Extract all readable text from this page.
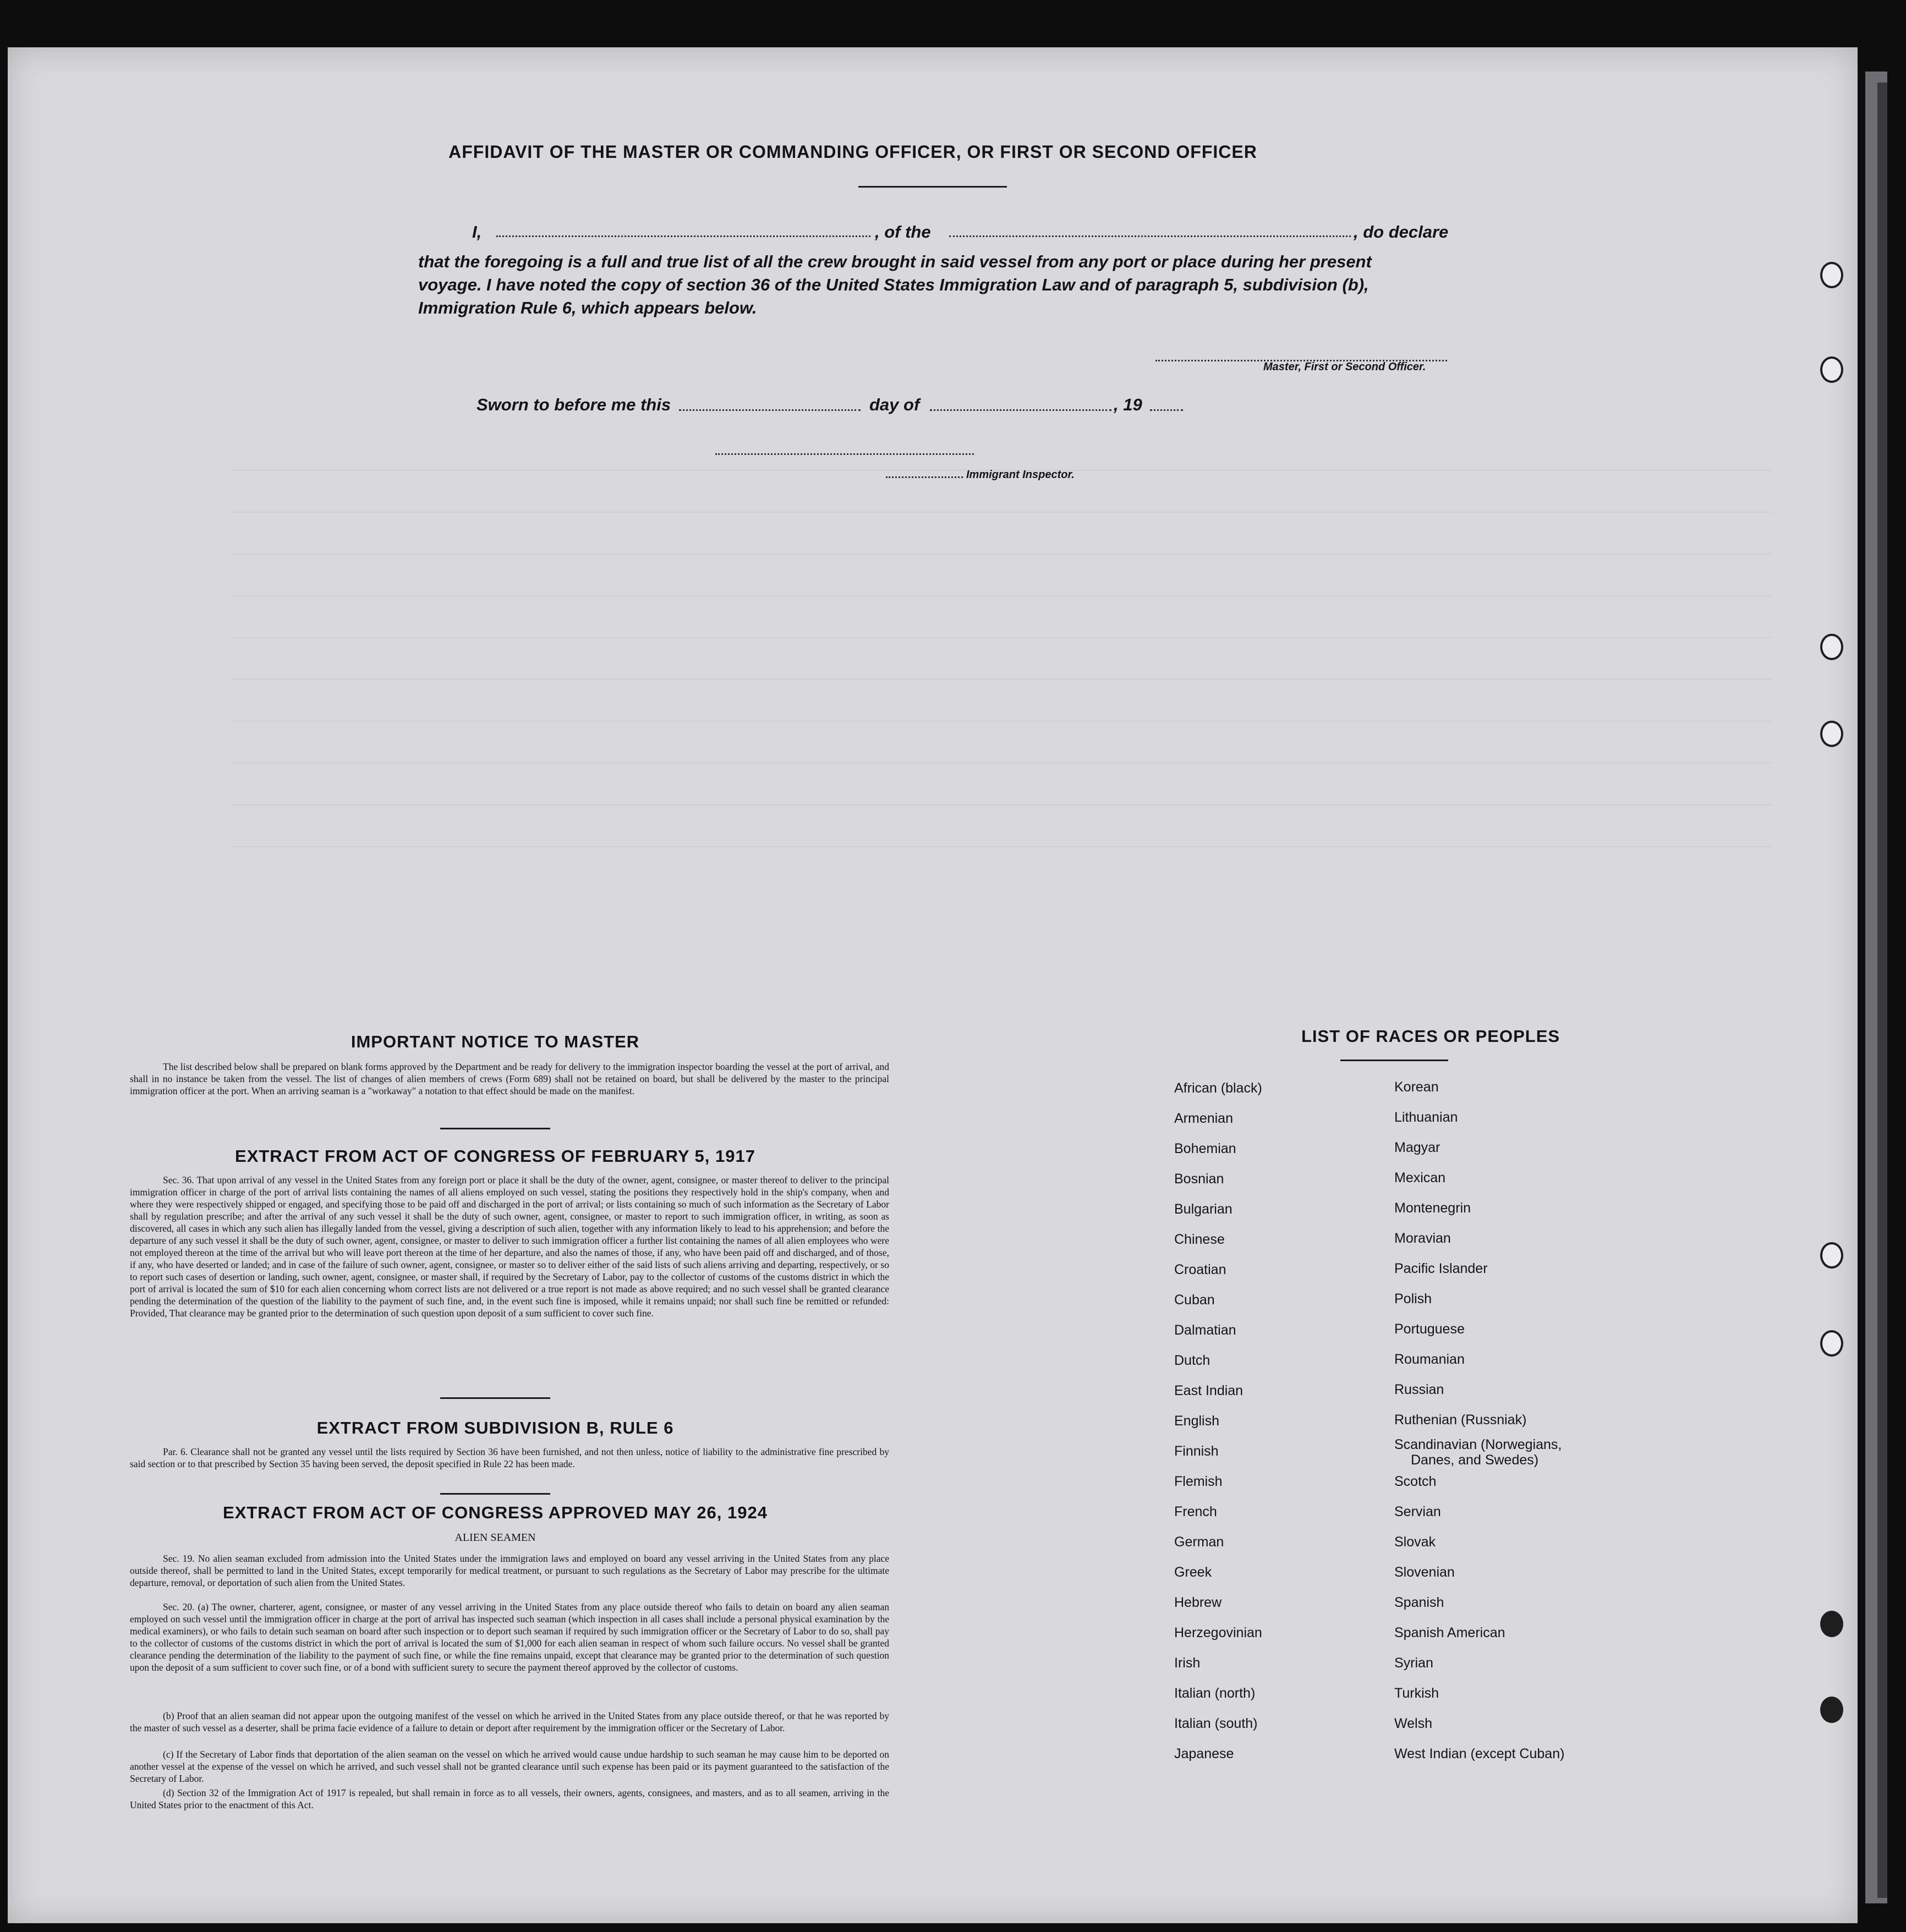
AFFIDAVIT OF THE MASTER OR COMMANDING OFFICER, OR FIRST OR SECOND OFFICER
I,	, of the	, do declare
that the foregoing is a full and true list of all the crew brought in said vessel from any port or place during her present
voyage. I have noted the copy of section 36 of the United States Immigration Law and of paragraph 5, subdivision (b),
Immigration Rule 6, which appears below.
Master, First or Second Officer.
Sworn to before me this	day of	, 19
Immigrant Inspector.
IMPORTANT NOTICE TO MASTER
The list described below shall be prepared on blank forms approved by the Department and be ready for delivery to the immigration inspector boarding the vessel at the port of arrival, and shall in no instance be taken from the vessel. The list of changes of alien members of crews (Form 689) shall not be retained on board, but shall be delivered by the master to the principal immigration officer at the port. When an arriving seaman is a "workaway" a notation to that effect should be made on the manifest.
EXTRACT FROM ACT OF CONGRESS OF FEBRUARY 5, 1917
Sec. 36. That upon arrival of any vessel in the United States from any foreign port or place it shall be the duty of the owner, agent, consignee, or master thereof to deliver to the principal immigration officer in charge of the port of arrival lists containing the names of all aliens employed on such vessel, stating the positions they respectively hold in the ship's company, when and where they were respectively shipped or engaged, and specifying those to be paid off and discharged in the port of arrival; or lists containing so much of such information as the Secretary of Labor shall by regulation prescribe; and after the arrival of any such vessel it shall be the duty of such owner, agent, consignee, or master to report to such immigration officer, in writing, as soon as discovered, all cases in which any such alien has illegally landed from the vessel, giving a description of such alien, together with any information likely to lead to his apprehension; and before the departure of any such vessel it shall be the duty of such owner, agent, consignee, or master to deliver to such immigration officer a further list containing the names of all alien employees who were not employed thereon at the time of the arrival but who will leave port thereon at the time of her departure, and also the names of those, if any, who have been paid off and discharged, and of those, if any, who have deserted or landed; and in case of the failure of such owner, agent, consignee, or master so to deliver either of the said lists of such aliens arriving and departing, respectively, or so to report such cases of desertion or landing, such owner, agent, consignee, or master shall, if required by the Secretary of Labor, pay to the collector of customs of the customs district in which the port of arrival is located the sum of $10 for each alien concerning whom correct lists are not delivered or a true report is not made as above required; and no such vessel shall be granted clearance pending the determination of the question of the liability to the payment of such fine, and, in the event such fine is imposed, while it remains unpaid; nor shall such fine be remitted or refunded: Provided, That clearance may be granted prior to the determination of such question upon deposit of a sum sufficient to cover such fine.
EXTRACT FROM SUBDIVISION B, RULE 6
Par. 6. Clearance shall not be granted any vessel until the lists required by Section 36 have been furnished, and not then unless, notice of liability to the administrative fine prescribed by said section or to that prescribed by Section 35 having been served, the deposit specified in Rule 22 has been made.
EXTRACT FROM ACT OF CONGRESS APPROVED MAY 26, 1924
ALIEN SEAMEN
Sec. 19. No alien seaman excluded from admission into the United States under the immigration laws and employed on board any vessel arriving in the United States from any place outside thereof, shall be permitted to land in the United States, except temporarily for medical treatment, or pursuant to such regulations as the Secretary of Labor may prescribe for the ultimate departure, removal, or deportation of such alien from the United States.
Sec. 20. (a) The owner, charterer, agent, consignee, or master of any vessel arriving in the United States from any place outside thereof who fails to detain on board any alien seaman employed on such vessel until the immigration officer in charge at the port of arrival has inspected such seaman (which inspection in all cases shall include a personal physical examination by the medical examiners), or who fails to detain such seaman on board after such inspection or to deport such seaman if required by such immigration officer or the Secretary of Labor to do so, shall pay to the collector of customs of the customs district in which the port of arrival is located the sum of $1,000 for each alien seaman in respect of whom such failure occurs. No vessel shall be granted clearance pending the determination of the liability to the payment of such fine, or while the fine remains unpaid, except that clearance may be granted prior to the determination of such question upon the deposit of a sum sufficient to cover such fine, or of a bond with sufficient surety to secure the payment thereof approved by the collector of customs.
(b) Proof that an alien seaman did not appear upon the outgoing manifest of the vessel on which he arrived in the United States from any place outside thereof, or that he was reported by the master of such vessel as a deserter, shall be prima facie evidence of a failure to detain or deport after requirement by the immigration officer or the Secretary of Labor.
(c) If the Secretary of Labor finds that deportation of the alien seaman on the vessel on which he arrived would cause undue hardship to such seaman he may cause him to be deported on another vessel at the expense of the vessel on which he arrived, and such vessel shall not be granted clearance until such expense has been paid or its payment guaranteed to the satisfaction of the Secretary of Labor.
(d) Section 32 of the Immigration Act of 1917 is repealed, but shall remain in force as to all vessels, their owners, agents, consignees, and masters, and as to all seamen, arriving in the United States prior to the enactment of this Act.
LIST OF RACES OR PEOPLES
African (black)
Armenian
Bohemian
Bosnian
Bulgarian
Chinese
Croatian
Cuban
Dalmatian
Dutch
East Indian
English
Finnish
Flemish
French
German
Greek
Hebrew
Herzegovinian
Irish
Italian (north)
Italian (south)
Japanese
Korean
Lithuanian
Magyar
Mexican
Montenegrin
Moravian
Pacific Islander
Polish
Portuguese
Roumanian
Russian
Ruthenian (Russniak)
Scandinavian (Norwegians,
Danes, and Swedes)
Scotch
Servian
Slovak
Slovenian
Spanish
Spanish American
Syrian
Turkish
Welsh
West Indian (except Cuban)
